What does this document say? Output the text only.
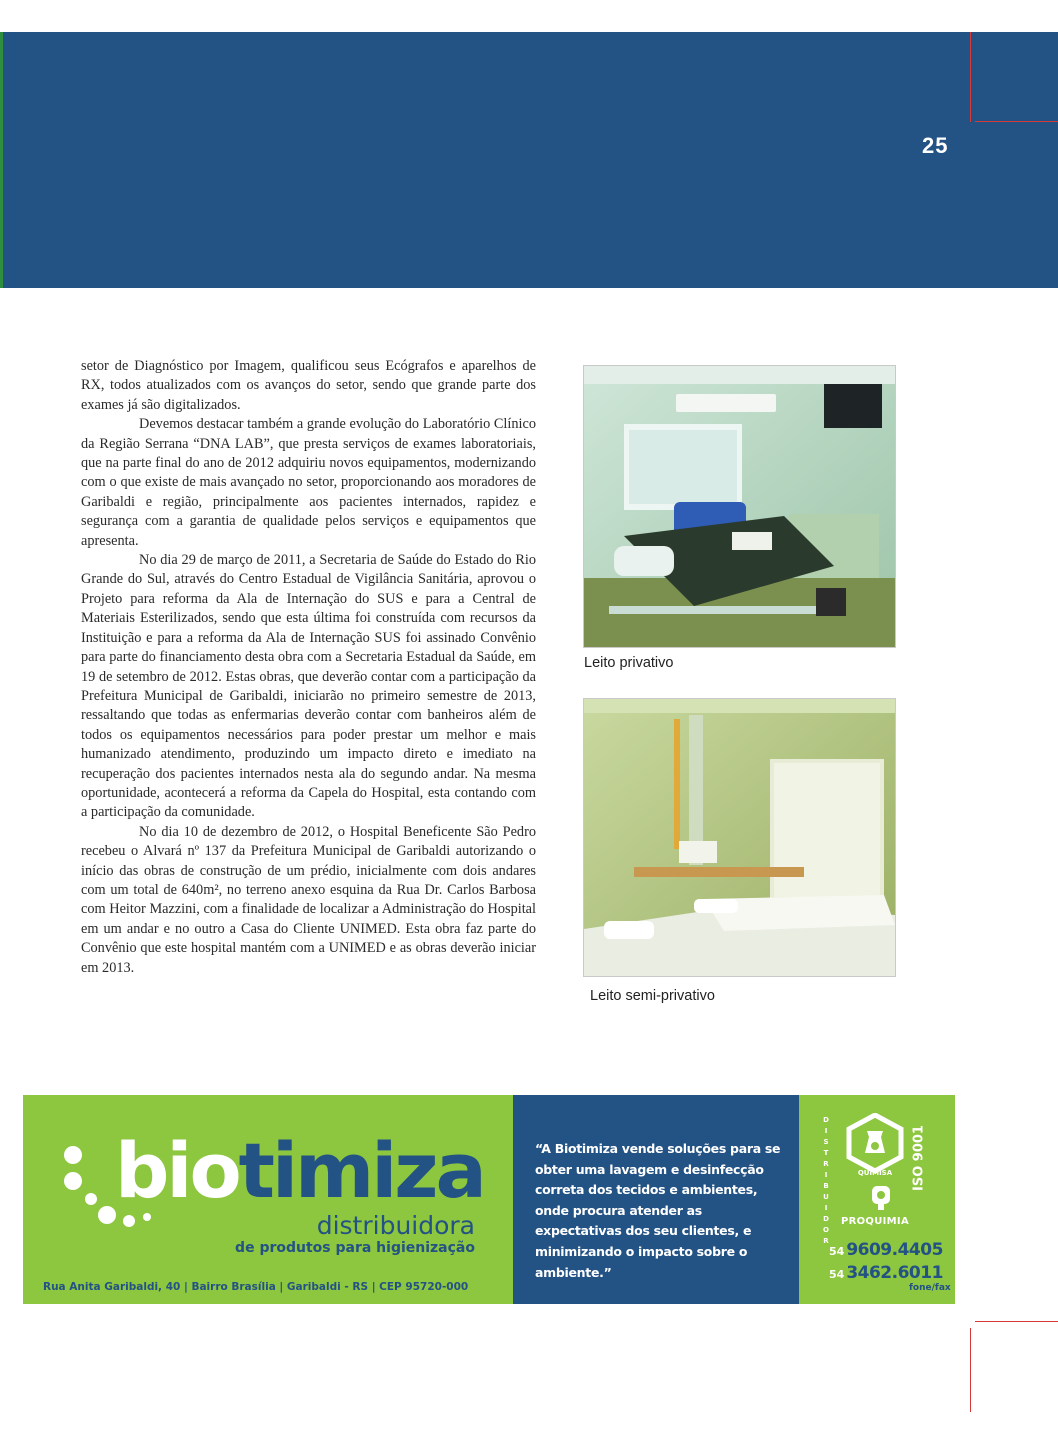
25

setor de Diagnóstico por Imagem, qualificou seus Ecógrafos e aparelhos de RX, todos atualizados com os avanços do setor, sendo que grande parte dos exames já são digitalizados.

Devemos destacar também a grande evolução do Laboratório Clínico da Região Serrana “DNA LAB”, que presta serviços de exames laboratoriais, que na parte final do ano de 2012 adquiriu novos equipamentos, modernizando com o que existe de mais avançado no setor, proporcionando aos moradores de Garibaldi e região, principalmente aos pacientes internados, rapidez e segurança com a garantia de qualidade pelos serviços e equipamentos que apresenta.

No dia 29 de março de 2011, a Secretaria de Saúde do Estado do Rio Grande do Sul, através do Centro Estadual de Vigilância Sanitária, aprovou o Projeto para reforma da Ala de Internação do SUS e para a Central de Materiais Esterilizados, sendo que esta última foi construída com recursos da Instituição e para a reforma da Ala de Internação SUS foi assinado Convênio para parte do financiamento desta obra com a Secretaria Estadual da Saúde, em 19 de setembro de 2012. Estas obras, que deverão contar com a participação da Prefeitura Municipal de Garibaldi, iniciarão no primeiro semestre de 2013, ressaltando que todas as enfermarias deverão contar com banheiros além de todos os equipamentos necessários para poder prestar um melhor e mais humanizado atendimento, produzindo um impacto direto e imediato na recuperação dos pacientes internados nesta ala do segundo andar. Na mesma oportunidade, acontecerá a reforma da Capela do Hospital, esta contando com a participação da comunidade.

No dia 10 de dezembro de 2012, o Hospital Beneficente São Pedro recebeu o Alvará nº 137 da Prefeitura Municipal de Garibaldi autorizando o início das obras de construção de um prédio, inicialmente com dois andares com um total de 640m², no terreno anexo esquina da Rua Dr. Carlos Barbosa com Heitor Mazzini, com a finalidade de localizar a Administração do Hospital em um andar e no outro a Casa do Cliente UNIMED. Esta obra faz parte do Convênio que este hospital mantém com a UNIMED e as obras deverão iniciar em 2013.

Leito privativo
Leito semi-privativo
biotimiza
distribuidora
de produtos para higienização
Rua Anita Garibaldi, 40 | Bairro Brasília | Garibaldi - RS | CEP 95720-000
“A Biotimiza vende soluções para se obter uma lavagem e desinfecção correta dos tecidos e ambientes, onde procura atender as expectativas dos seu clientes, e minimizando o impacto sobre o ambiente.”
D
I
S
T
R
I
B
U
I
D
O
R
QUIMISA	ISO 9001
PROQUIMIA
54 9609.4405
54 3462.6011
fone/fax
